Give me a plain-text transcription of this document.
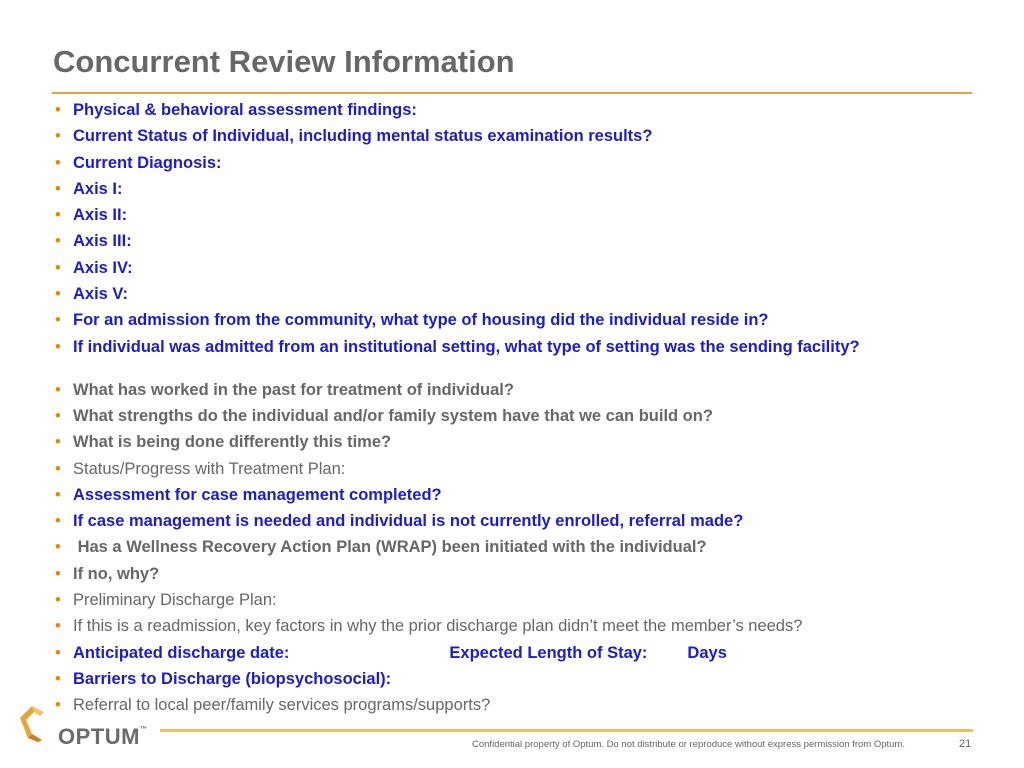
Concurrent Review Information
• Physical & behavioral assessment findings:
• Current Status of Individual, including mental status examination results?
• Current Diagnosis:
• Axis I:
• Axis II:
• Axis III:
• Axis IV:
• Axis V:
• For an admission from the community, what type of housing did the individual reside in?
• If individual was admitted from an institutional setting, what type of setting was the sending facility?
• What has worked in the past for treatment of individual?
• What strengths do the individual and/or family system have that we can build on?
• What is being done differently this time?
• Status/Progress with Treatment Plan:
• Assessment for case management completed?
• If case management is needed and individual is not currently enrolled, referral made?
• Has a Wellness Recovery Action Plan (WRAP) been initiated with the individual?
• If no, why?
• Preliminary Discharge Plan:
• If this is a readmission, key factors in why the prior discharge plan didn’t meet the member’s needs?
• Anticipated discharge date:	Expected Length of Stay: Days
• Barriers to Discharge (biopsychosocial):
• Referral to local peer/family services programs/supports?
OPTUM™
Confidential property of Optum. Do not distribute or reproduce without express permission from Optum.	21
